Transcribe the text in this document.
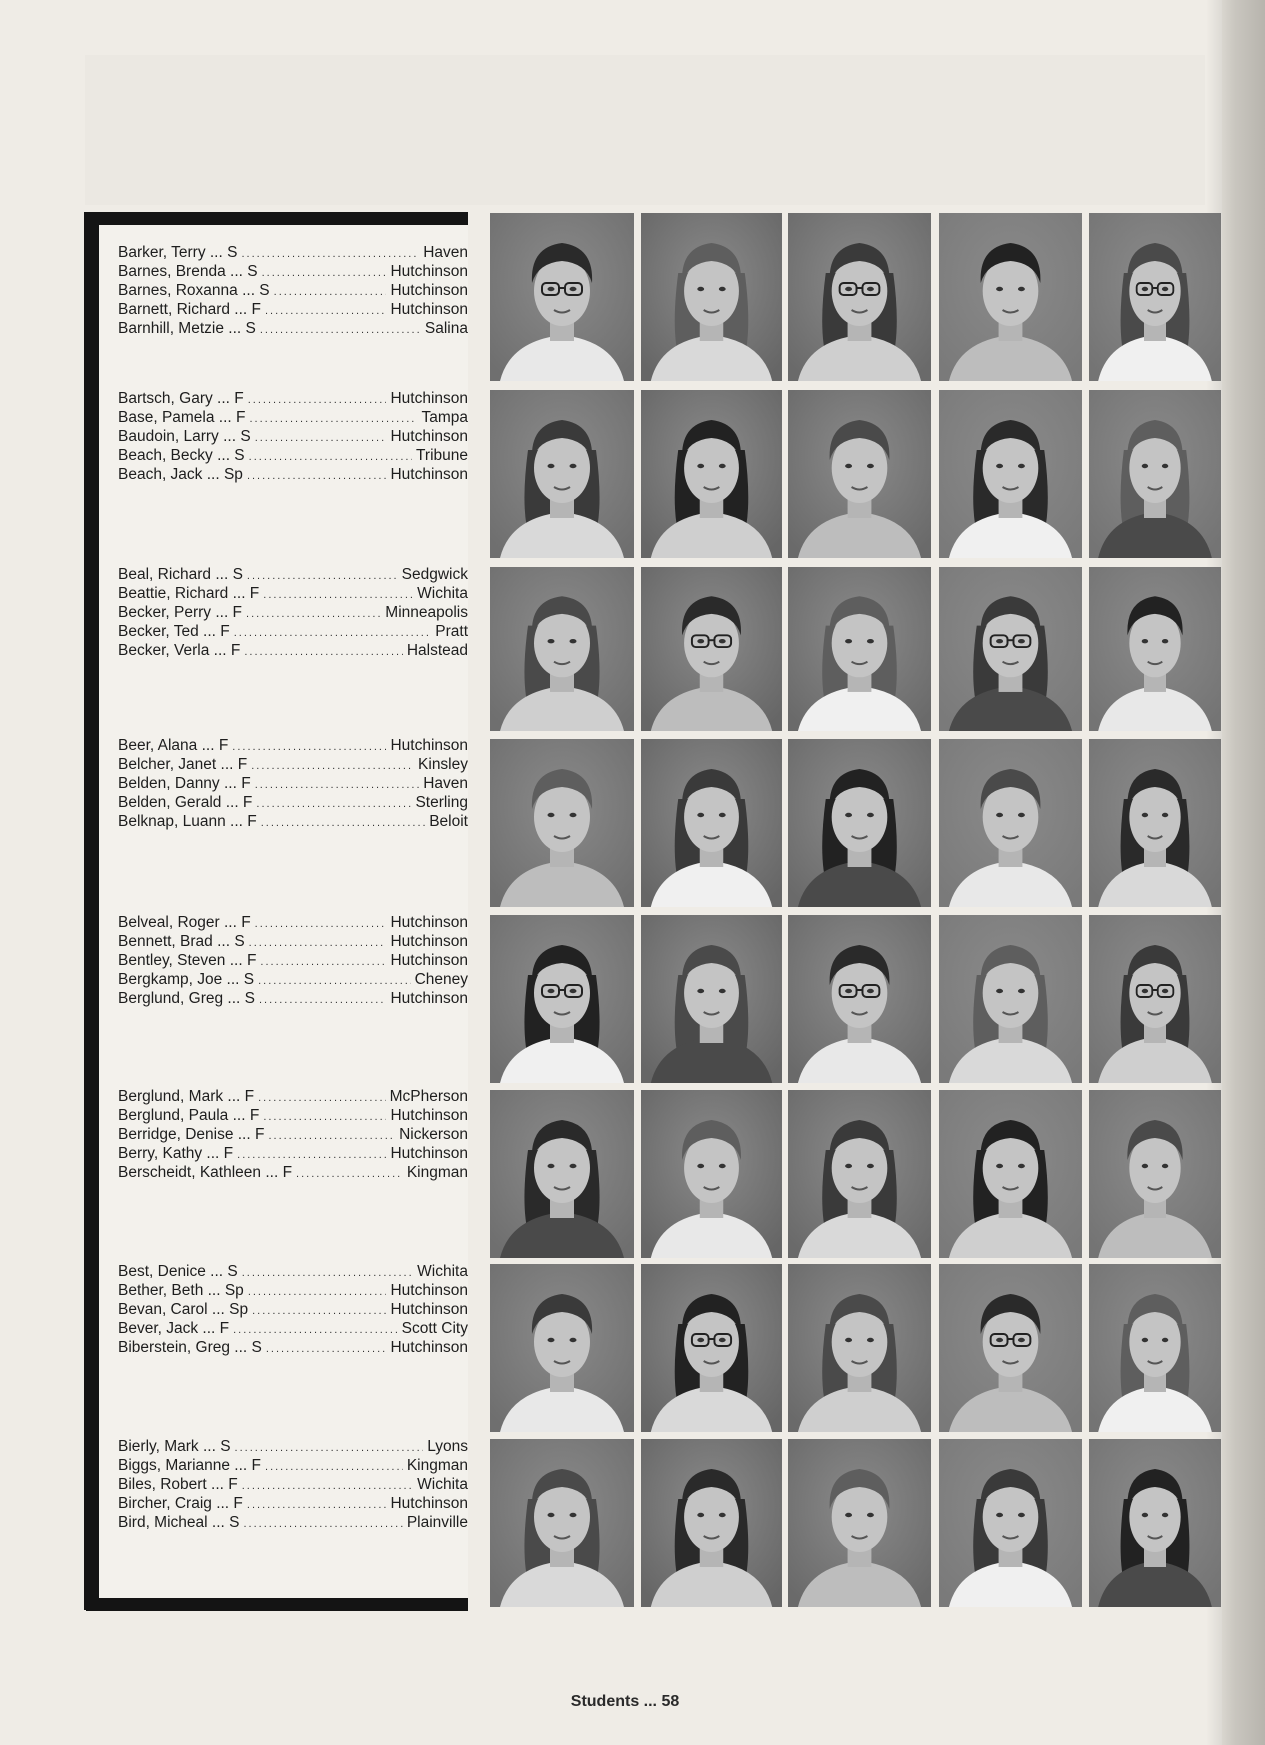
Barker, Terry ... S .....	Haven
Barnes, Brenda ... S .....	Hutchinson
Barnes, Roxanna ... S .....	Hutchinson
Barnett, Richard ... F .....	Hutchinson
Barnhill, Metzie ... S .....	Salina
Bartsch, Gary ... F .....	Hutchinson
Base, Pamela ... F .....	Tampa
Baudoin, Larry ... S .....	Hutchinson
Beach, Becky ... S .....	Tribune
Beach, Jack ... Sp .....	Hutchinson
Beal, Richard ... S .....	Sedgwick
Beattie, Richard ... F .....	Wichita
Becker, Perry ... F .....	Minneapolis
Becker, Ted ... F .....	Pratt
Becker, Verla ... F .....	Halstead
Beer, Alana ... F .....	Hutchinson
Belcher, Janet ... F .....	Kinsley
Belden, Danny ... F .....	Haven
Belden, Gerald ... F .....	Sterling
Belknap, Luann ... F .....	Beloit
Belveal, Roger ... F .....	Hutchinson
Bennett, Brad ... S .....	Hutchinson
Bentley, Steven ... F .....	Hutchinson
Bergkamp, Joe ... S .....	Cheney
Berglund, Greg ... S .....	Hutchinson
Berglund, Mark ... F .....	McPherson
Berglund, Paula ... F .....	Hutchinson
Berridge, Denise ... F .....	Nickerson
Berry, Kathy ... F .....	Hutchinson
Berscheidt, Kathleen ... F .....	Kingman
Best, Denice ... S .....	Wichita
Bether, Beth ... Sp .....	Hutchinson
Bevan, Carol ... Sp .....	Hutchinson
Bever, Jack ... F .....	Scott City
Biberstein, Greg ... S .....	Hutchinson
Bierly, Mark ... S .....	Lyons
Biggs, Marianne ... F .....	Kingman
Biles, Robert ... F .....	Wichita
Bircher, Craig ... F .....	Hutchinson
Bird, Micheal ... S .....	Plainville
Students ... 58
